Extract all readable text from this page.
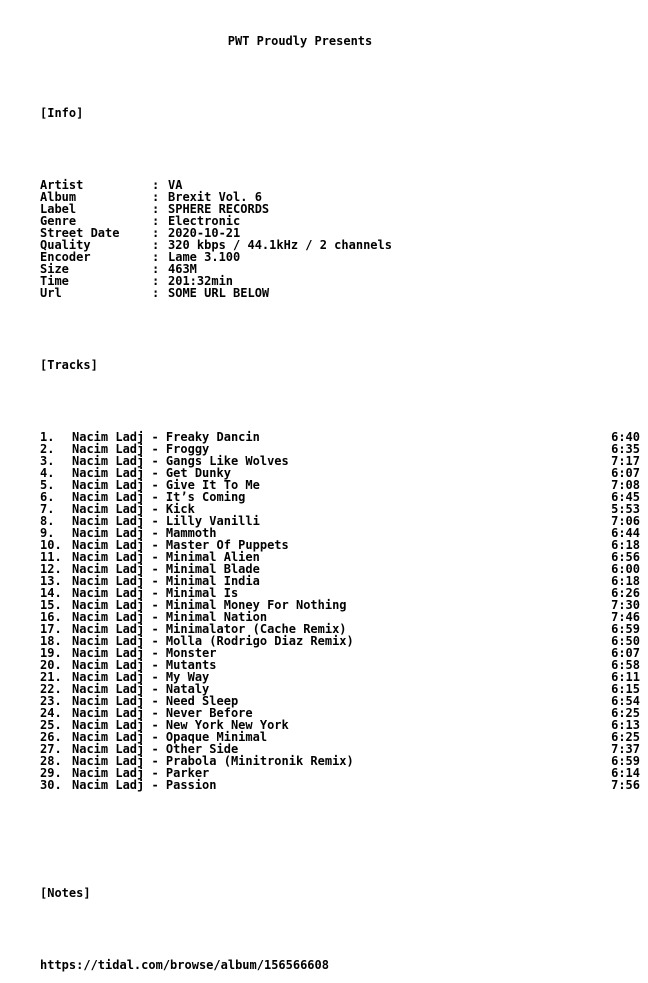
PWT Proudly Presents

[Info]

Artist	: VA
Album	: Brexit Vol. 6
Label	: SPHERE RECORDS
Genre	: Electronic
Street Date	: 2020-10-21
Quality	: 320 kbps / 44.1kHz / 2 channels
Encoder	: Lame 3.100
Size	: 463M
Time	: 201:32min
Url	: SOME URL BELOW

[Tracks]

1.	Nacim Ladj - Freaky Dancin	6:40
2.	Nacim Ladj - Froggy	6:35
3.	Nacim Ladj - Gangs Like Wolves	7:17
4.	Nacim Ladj - Get Dunky	6:07
5.	Nacim Ladj - Give It To Me	7:08
6.	Nacim Ladj - It’s Coming	6:45
7.	Nacim Ladj - Kick	5:53
8.	Nacim Ladj - Lilly Vanilli	7:06
9.	Nacim Ladj - Mammoth	6:44
10. Nacim Ladj - Master Of Puppets	6:18
11. Nacim Ladj - Minimal Alien	6:56
12. Nacim Ladj - Minimal Blade	6:00
13. Nacim Ladj - Minimal India	6:18
14. Nacim Ladj - Minimal Is	6:26
15. Nacim Ladj - Minimal Money For Nothing	7:30
16. Nacim Ladj - Minimal Nation	7:46
17. Nacim Ladj - Minimalator (Cache Remix)	6:59
18. Nacim Ladj - Molla (Rodrigo Diaz Remix)	6:50
19. Nacim Ladj - Monster	6:07
20. Nacim Ladj - Mutants	6:58
21. Nacim Ladj - My Way	6:11
22. Nacim Ladj - Nataly	6:15
23. Nacim Ladj - Need Sleep	6:54
24. Nacim Ladj - Never Before	6:25
25. Nacim Ladj - New York New York	6:13
26. Nacim Ladj - Opaque Minimal	6:25
27. Nacim Ladj - Other Side	7:37
28. Nacim Ladj - Prabola (Minitronik Remix)	6:59
29. Nacim Ladj - Parker	6:14
30. Nacim Ladj - Passion	7:56

[Notes]

https://tidal.com/browse/album/156566608
